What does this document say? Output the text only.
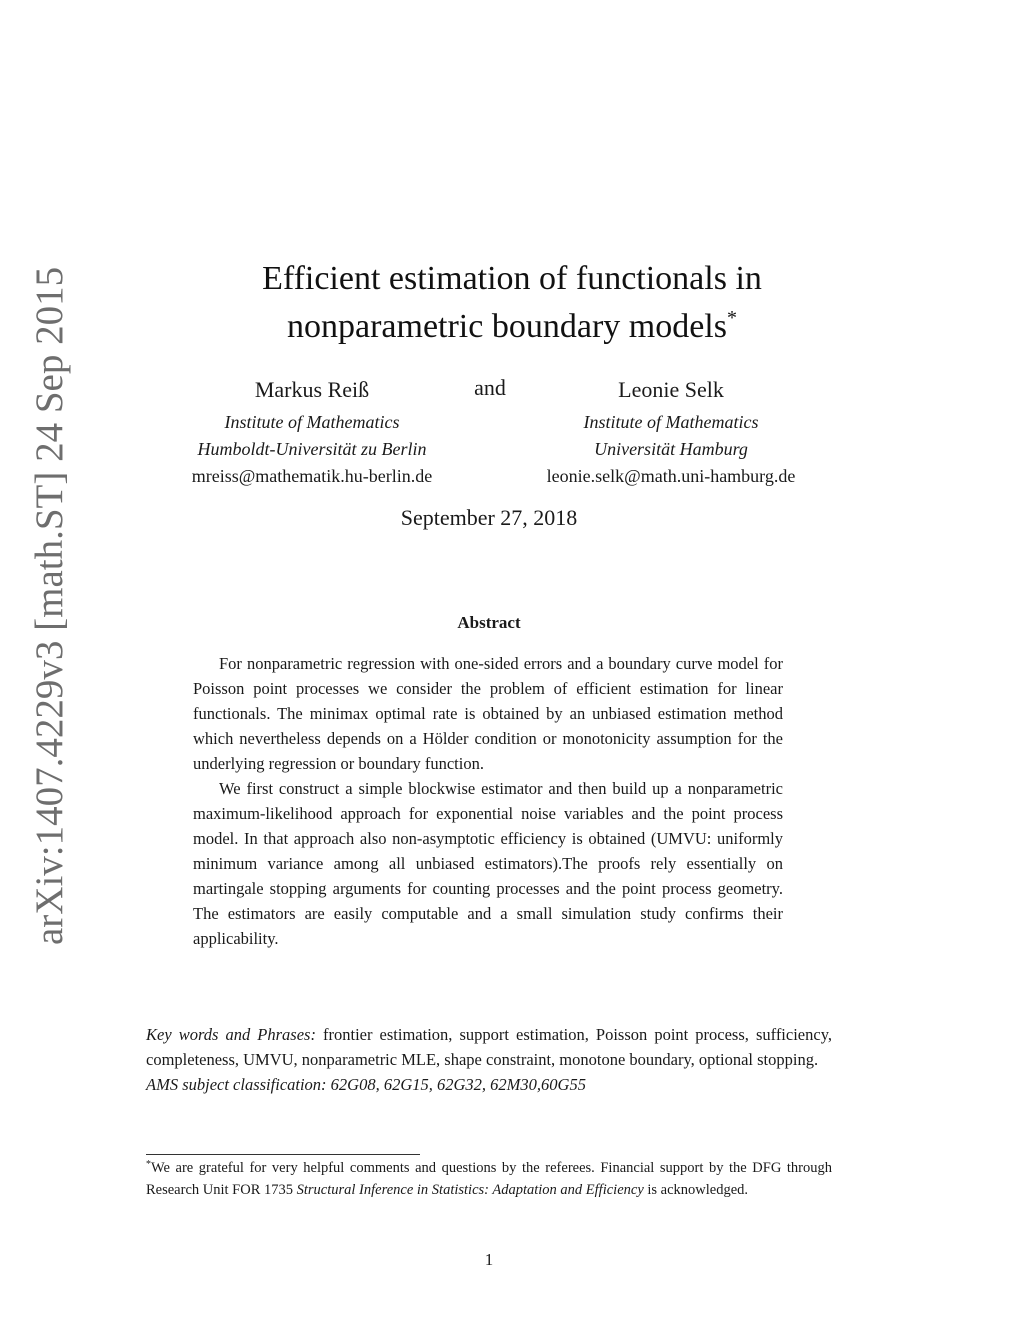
arXiv:1407.4229v3 [math.ST] 24 Sep 2015	Efficient estimation of functionals in
nonparametric boundary models*
Markus Reiß
Institute of Mathematics
Humboldt-Universität zu Berlin
mreiss@mathematik.hu-berlin.de
and	Leonie Selk
Institute of Mathematics
Universität Hamburg
leonie.selk@math.uni-hamburg.de
September 27, 2018
Abstract

For nonparametric regression with one-sided errors and a boundary curve model for Poisson point processes we consider the problem of efficient estimation for linear functionals. The minimax optimal rate is obtained by an unbiased estimation method which nevertheless depends on a Hölder condition or monotonicity assumption for the underlying regression or boundary function.

We first construct a simple blockwise estimator and then build up a nonparametric maximum-likelihood approach for exponential noise variables and the point process model. In that approach also non-asymptotic efficiency is obtained (UMVU: uniformly minimum variance among all unbiased estimators).The proofs rely essentially on martingale stopping arguments for counting processes and the point process geometry. The estimators are easily computable and a small simulation study confirms their applicability.

Key words and Phrases: frontier estimation, support estimation, Poisson point process, sufficiency, completeness, UMVU, nonparametric MLE, shape constraint, monotone boundary, optional stopping.

AMS subject classification: 62G08, 62G15, 62G32, 62M30,60G55

*We are grateful for very helpful comments and questions by the referees. Financial support by the DFG through Research Unit FOR 1735 Structural Inference in Statistics: Adaptation and Efficiency is acknowledged.
1
